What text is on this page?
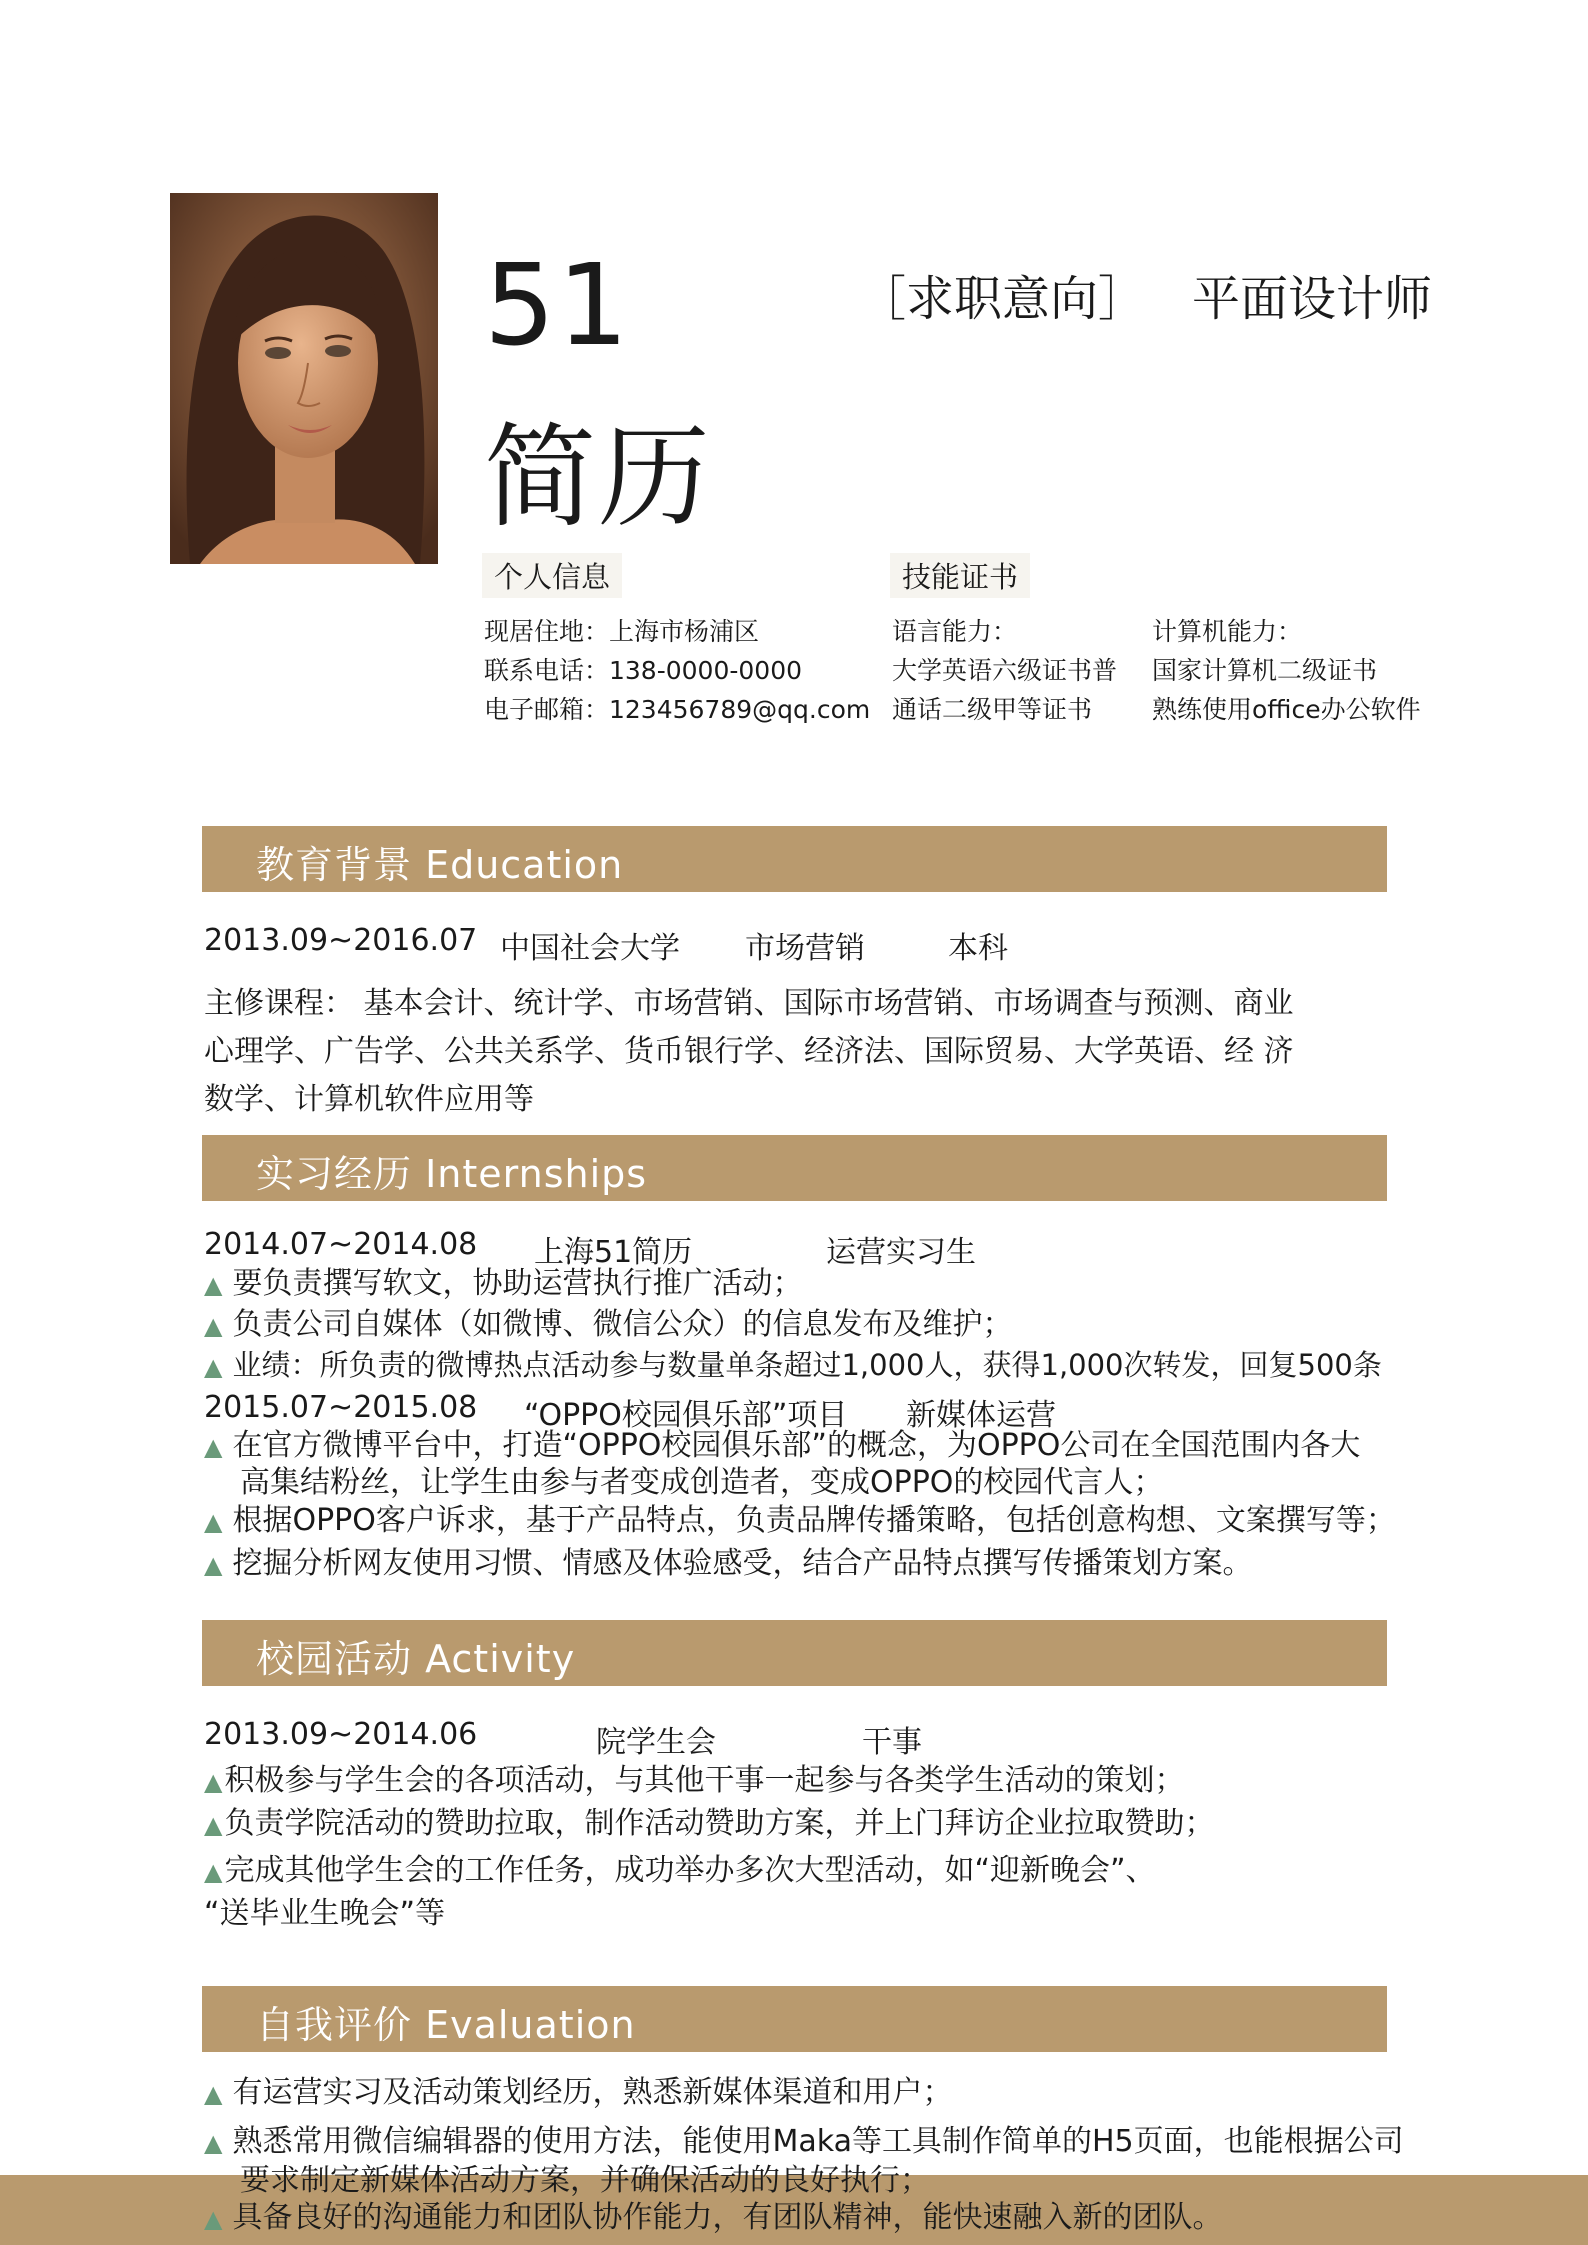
51简历
［求职意向］ 平面设计师
个人信息
现居住地：上海市杨浦区
联系电话：138-0000-0000
电子邮箱：123456789@qq.com
技能证书
语言能力：
大学英语六级证书普
通话二级甲等证书
计算机能力：
国家计算机二级证书
熟练使用office办公软件
教育背景 Education
2013.09~2016.07 中国社会大学 市场营销	本科
主修课程： 基本会计、统计学、市场营销、国际市场营销、市场调查与预测、商业
心理学、广告学、公共关系学、货币银行学、经济法、国际贸易、大学英语、经 济
数学、计算机软件应用等
实习经历 Internships
2014.07~2014.08 上海51简历	运营实习生
▲ 要负责撰写软文，协助运营执行推广活动；
▲ 负责公司自媒体（如微博、微信公众）的信息发布及维护；
▲ 业绩：所负责的微博热点活动参与数量单条超过1,000人，获得1,000次转发，回复500条
2015.07~2015.08 “OPPO校园俱乐部”项目 新媒体运营
▲ 在官方微博平台中，打造“OPPO校园俱乐部”的概念，为OPPO公司在全国范围内各大
高集结粉丝，让学生由参与者变成创造者，变成OPPO的校园代言人；
▲ 根据OPPO客户诉求，基于产品特点，负责品牌传播策略，包括创意构想、文案撰写等；
▲ 挖掘分析网友使用习惯、情感及体验感受，结合产品特点撰写传播策划方案。
校园活动 Activity
2013.09~2014.06	院学生会	干事
▲积极参与学生会的各项活动，与其他干事一起参与各类学生活动的策划；
▲负责学院活动的赞助拉取，制作活动赞助方案，并上门拜访企业拉取赞助；
▲完成其他学生会的工作任务，成功举办多次大型活动，如“迎新晚会”、
“送毕业生晚会”等
自我评价 Evaluation
▲ 有运营实习及活动策划经历，熟悉新媒体渠道和用户；
▲ 熟悉常用微信编辑器的使用方法，能使用Maka等工具制作简单的H5页面，也能根据公司
要求制定新媒体活动方案，并确保活动的良好执行；
▲ 具备良好的沟通能力和团队协作能力，有团队精神，能快速融入新的团队。
